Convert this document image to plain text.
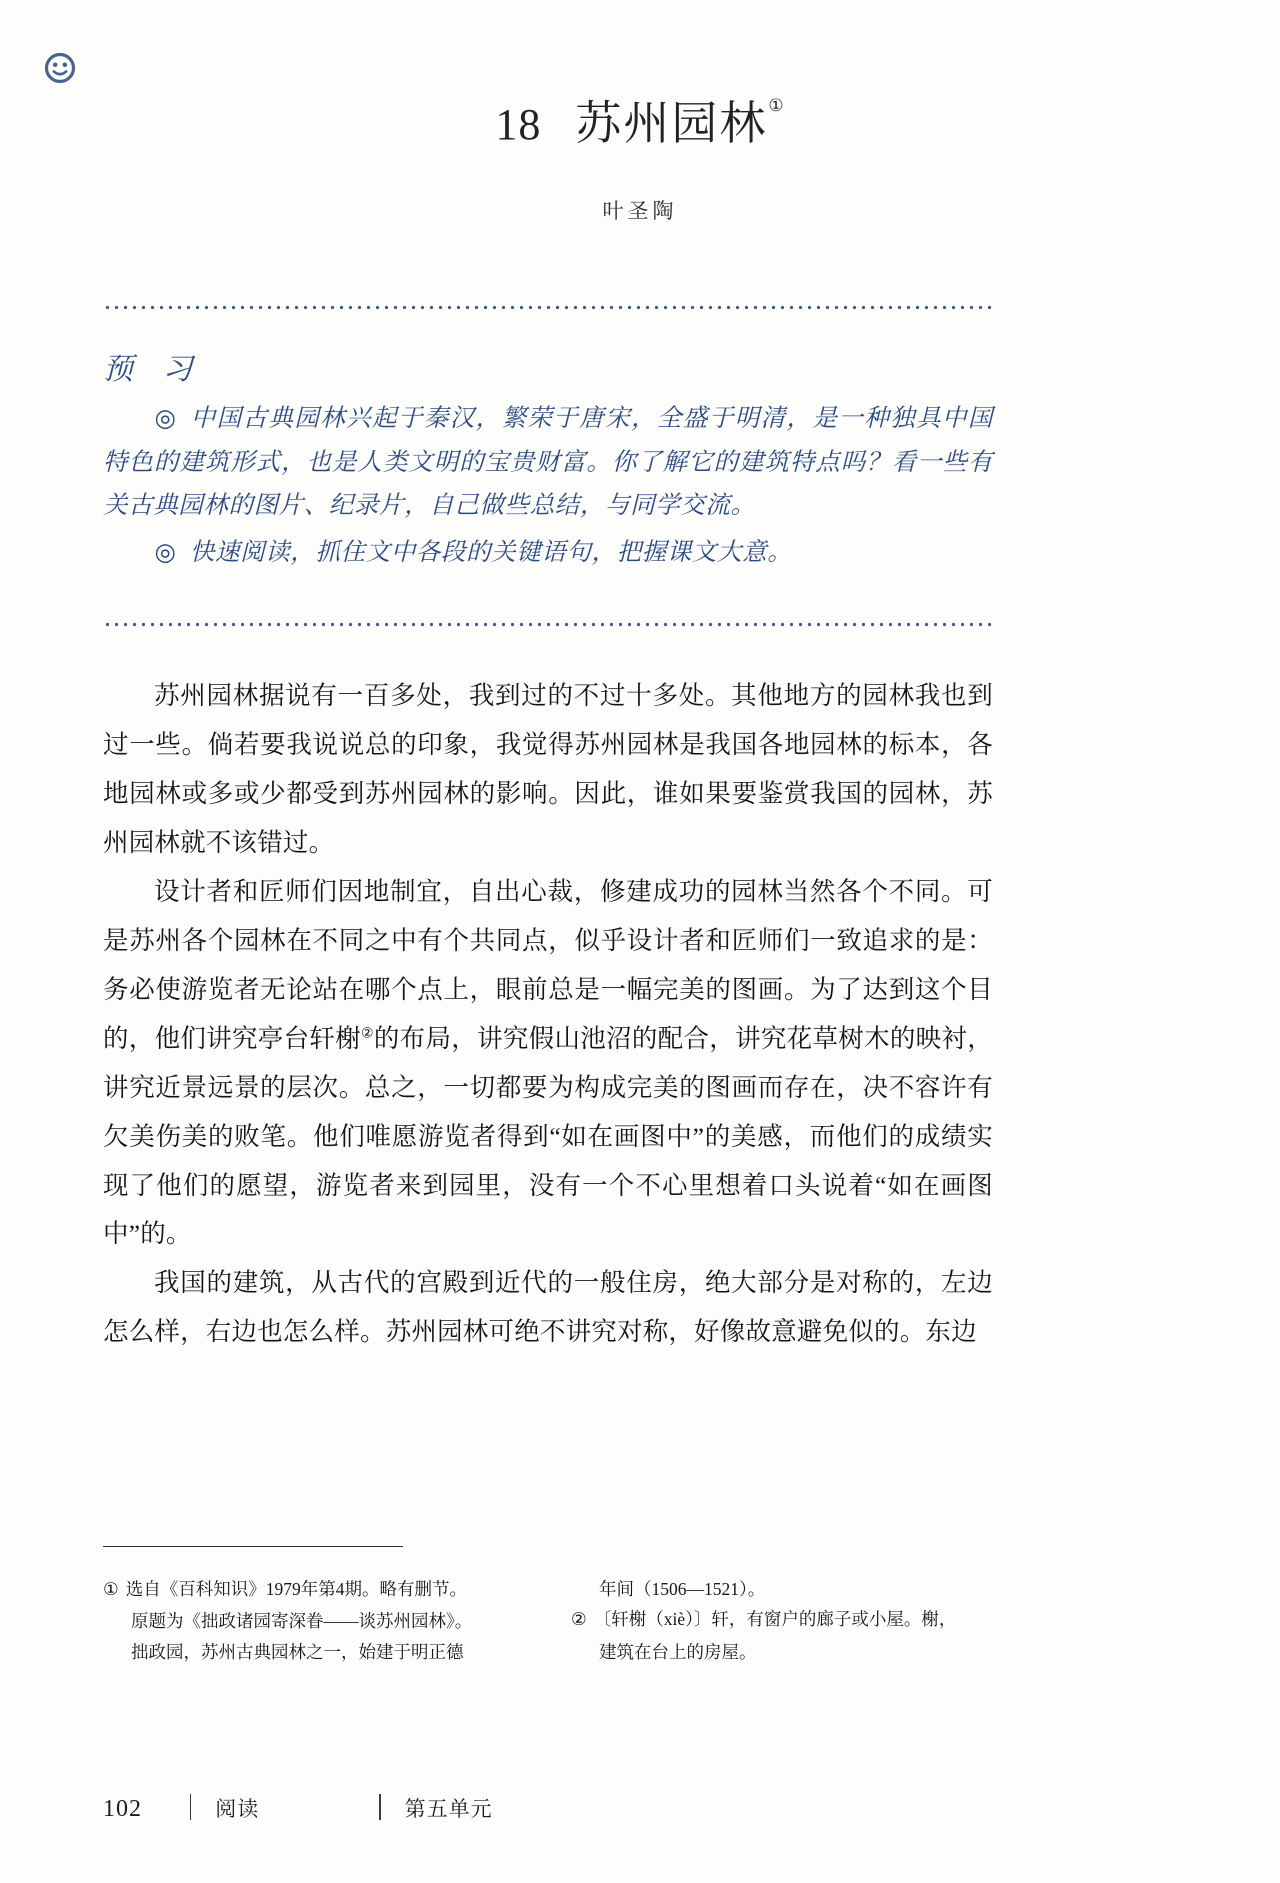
18 苏州园林①
叶圣陶
预 习
◎ 中国古典园林兴起于秦汉，繁荣于唐宋，全盛于明清，是一种独具中国特色的建筑形式，也是人类文明的宝贵财富。你了解它的建筑特点吗？看一些有关古典园林的图片、纪录片，自己做些总结，与同学交流。
◎ 快速阅读，抓住文中各段的关键语句，把握课文大意。

苏州园林据说有一百多处，我到过的不过十多处。其他地方的园林我也到过一些。倘若要我说说总的印象，我觉得苏州园林是我国各地园林的标本，各地园林或多或少都受到苏州园林的影响。因此，谁如果要鉴赏我国的园林，苏州园林就不该错过。

设计者和匠师们因地制宜，自出心裁，修建成功的园林当然各个不同。可是苏州各个园林在不同之中有个共同点，似乎设计者和匠师们一致追求的是：务必使游览者无论站在哪个点上，眼前总是一幅完美的图画。为了达到这个目的，他们讲究亭台轩榭②的布局，讲究假山池沼的配合，讲究花草树木的映衬，讲究近景远景的层次。总之，一切都要为构成完美的图画而存在，决不容许有欠美伤美的败笔。他们唯愿游览者得到“如在画图中”的美感，而他们的成绩实现了他们的愿望，游览者来到园里，没有一个不心里想着口头说着“如在画图中”的。

我国的建筑，从古代的宫殿到近代的一般住房，绝大部分是对称的，左边怎么样，右边也怎么样。苏州园林可绝不讲究对称，好像故意避免似的。东边

① 选自《百科知识》1979年第4期。略有删节。
原题为《拙政诸园寄深眷——谈苏州园林》。
拙政园，苏州古典园林之一，始建于明正德
年间（1506—1521）。
② 〔轩榭（xiè）〕轩，有窗户的廊子或小屋。榭，
建筑在台上的房屋。
102	阅读	第五单元
